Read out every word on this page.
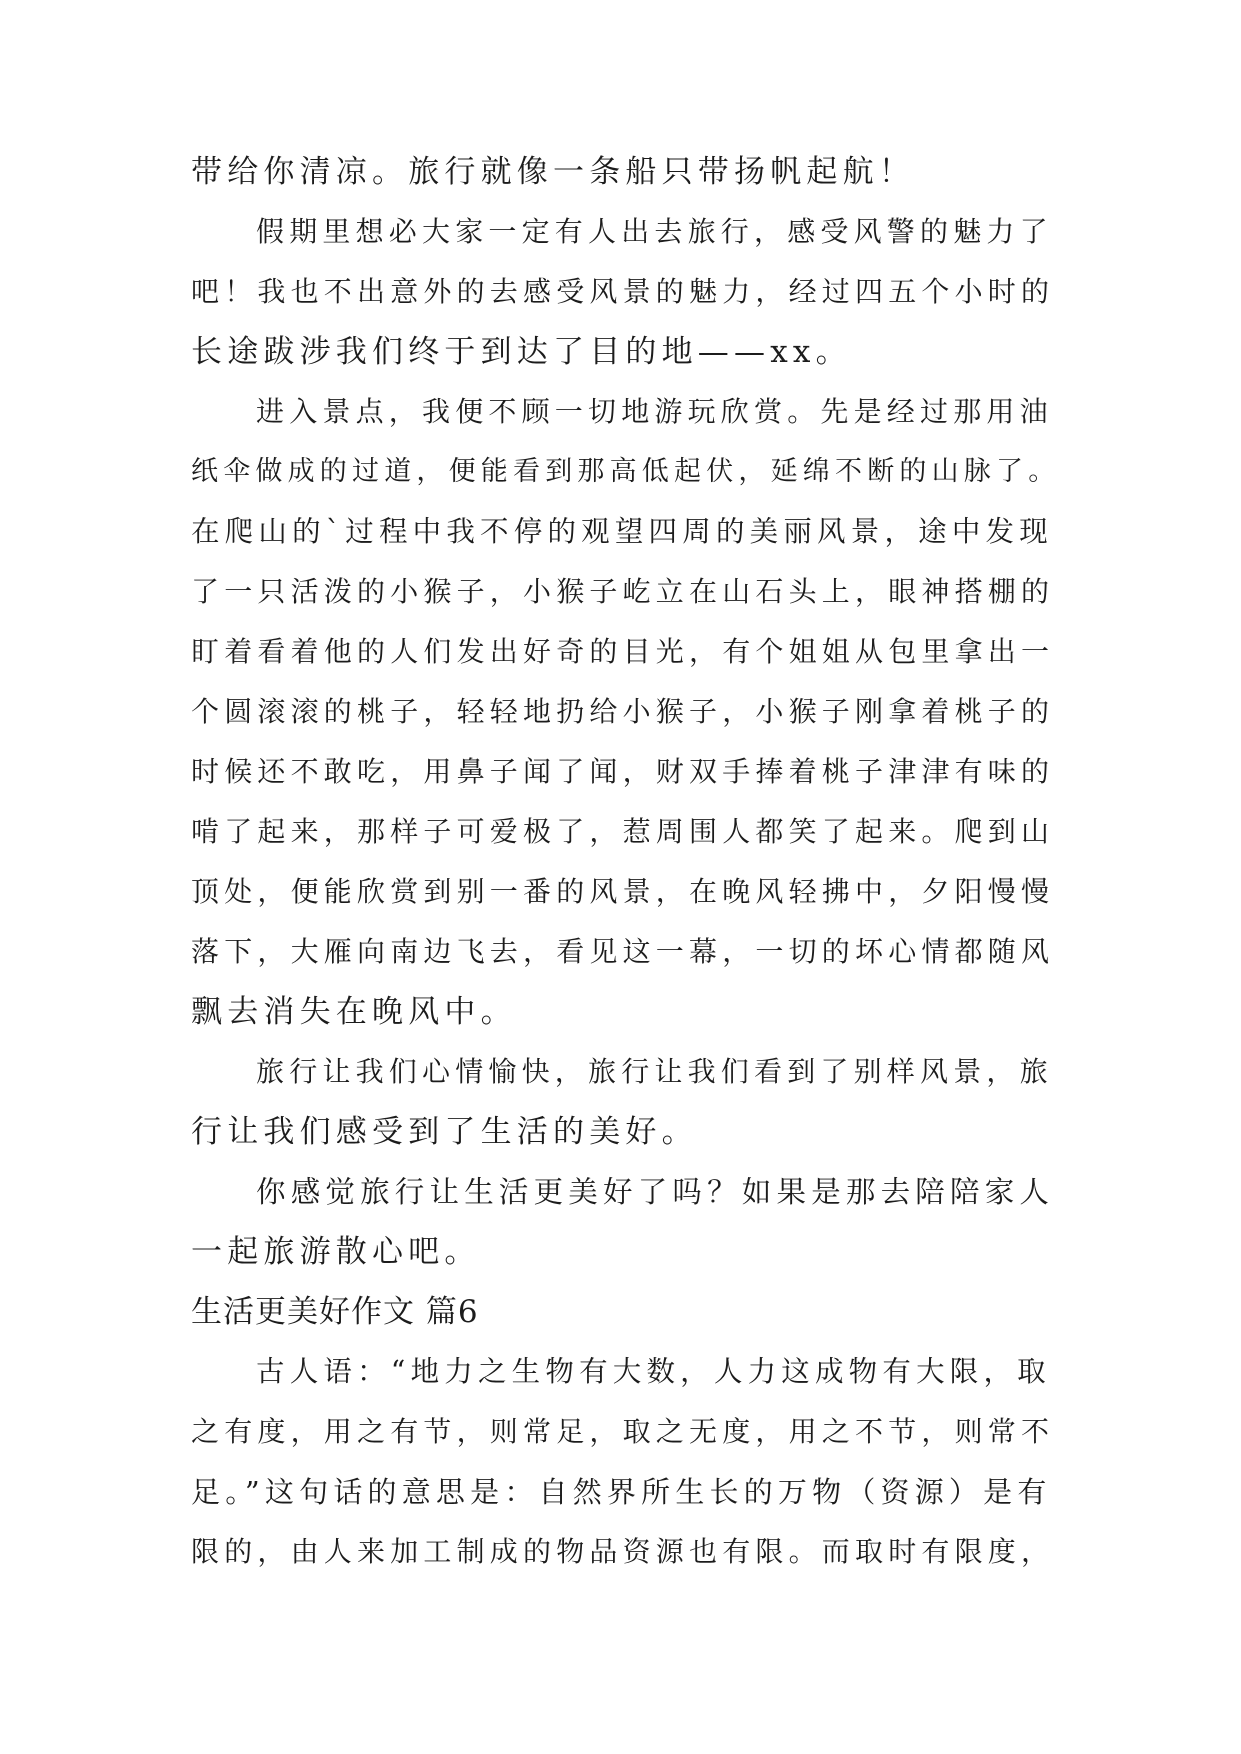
带给你清凉。旅行就像一条船只带扬帆起航！
假期里想必大家一定有人出去旅行，感受风警的魅力了
吧！我也不出意外的去感受风景的魅力，经过四五个小时的
长途跋涉我们终于到达了目的地——xx。
进入景点，我便不顾一切地游玩欣赏。先是经过那用油
纸伞做成的过道，便能看到那高低起伏，延绵不断的山脉了。
在爬山的`过程中我不停的观望四周的美丽风景，途中发现
了一只活泼的小猴子，小猴子屹立在山石头上，眼神搭棚的
盯着看着他的人们发出好奇的目光，有个姐姐从包里拿出一
个圆滚滚的桃子，轻轻地扔给小猴子，小猴子刚拿着桃子的
时候还不敢吃，用鼻子闻了闻，财双手捧着桃子津津有味的
啃了起来，那样子可爱极了，惹周围人都笑了起来。爬到山
顶处，便能欣赏到别一番的风景，在晚风轻拂中，夕阳慢慢
落下，大雁向南边飞去，看见这一幕，一切的坏心情都随风
飘去消失在晚风中。
旅行让我们心情愉快，旅行让我们看到了别样风景，旅
行让我们感受到了生活的美好。
你感觉旅行让生活更美好了吗？如果是那去陪陪家人
一起旅游散心吧。
生活更美好作文 篇6
古人语：“地力之生物有大数，人力这成物有大限，取
之有度，用之有节，则常足，取之无度，用之不节，则常不
足。”这句话的意思是：自然界所生长的万物（资源）是有
限的，由人来加工制成的物品资源也有限。而取时有限度，
